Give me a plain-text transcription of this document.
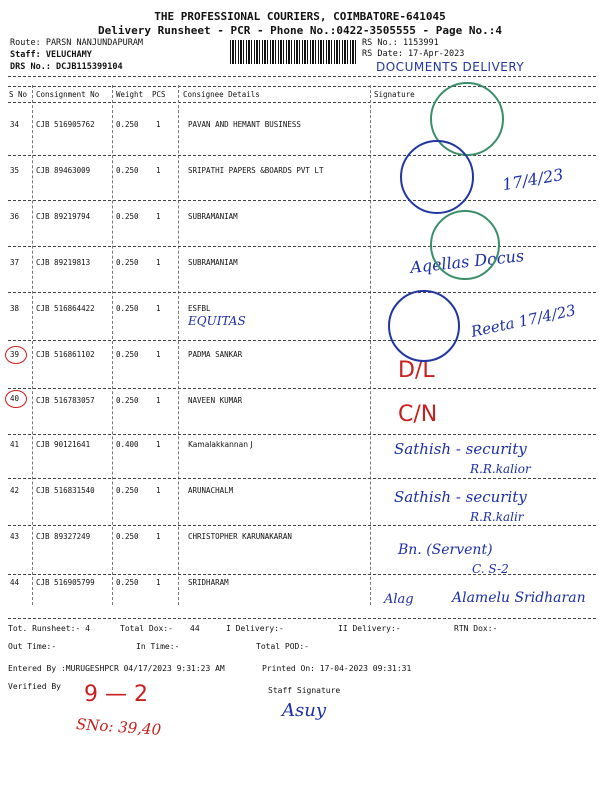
THE PROFESSIONAL COURIERS, COIMBATORE-641045
Delivery Runsheet - PCR - Phone No.:0422-3505555 - Page No.:4
Route: PARSN NANJUNDAPURAM
Staff: VELUCHAMY
DRS No.: DCJB115399104
RS No.: 1153991
RS Date: 17-Apr-2023
DOCUMENTS DELIVERY
S No Consignment No Weight PCS Consignee Details	Signature
34 CJB 516905762	0.250 1	PAVAN AND HEMANT BUSINESS
35 CJB 89463009	0.250 1	SRIPATHI PAPERS &BOARDS PVT LT	17/4/23
36 CJB 89219794	0.250 1	SUBRAMANIAM
37 CJB 89219813	0.250 1	SUBRAMANIAM	Aqellas Docus
38 CJB 516864422	0.250 1	ESFBL
EQUITAS	Reeta 17/4/23
39 CJB 516861102	0.250 1	PADMA SANKAR
D/L
40 CJB 516783057	0.250 1	NAVEEN KUMAR
C/N
41 CJB 90121641	0.400 1	Kamalakkannan J	Sathish - security
R.R.kalior
42 CJB 516831540	0.250 1	ARUNACHALM	Sathish - security
R.R.kalir
43 CJB 89327249	0.250 1	CHRISTOPHER KARUNAKARAN
Bn. (Servent)
C. S-2
44 CJB 516905799	0.250 1	SRIDHARAM
Alag	Alamelu Sridharan
Tot. Runsheet:- 4	Total Dox:- 44	I Delivery:-	II Delivery:-	RTN Dox:-
Out Time:-	In Time:-	Total POD:-
Entered By :MURUGESHPCR 04/17/2023 9:31:23 AM	Printed On: 17-04-2023 09:31:31
Verified By	Staff Signature
9 — 2
SNo: 39,40
Asuy
